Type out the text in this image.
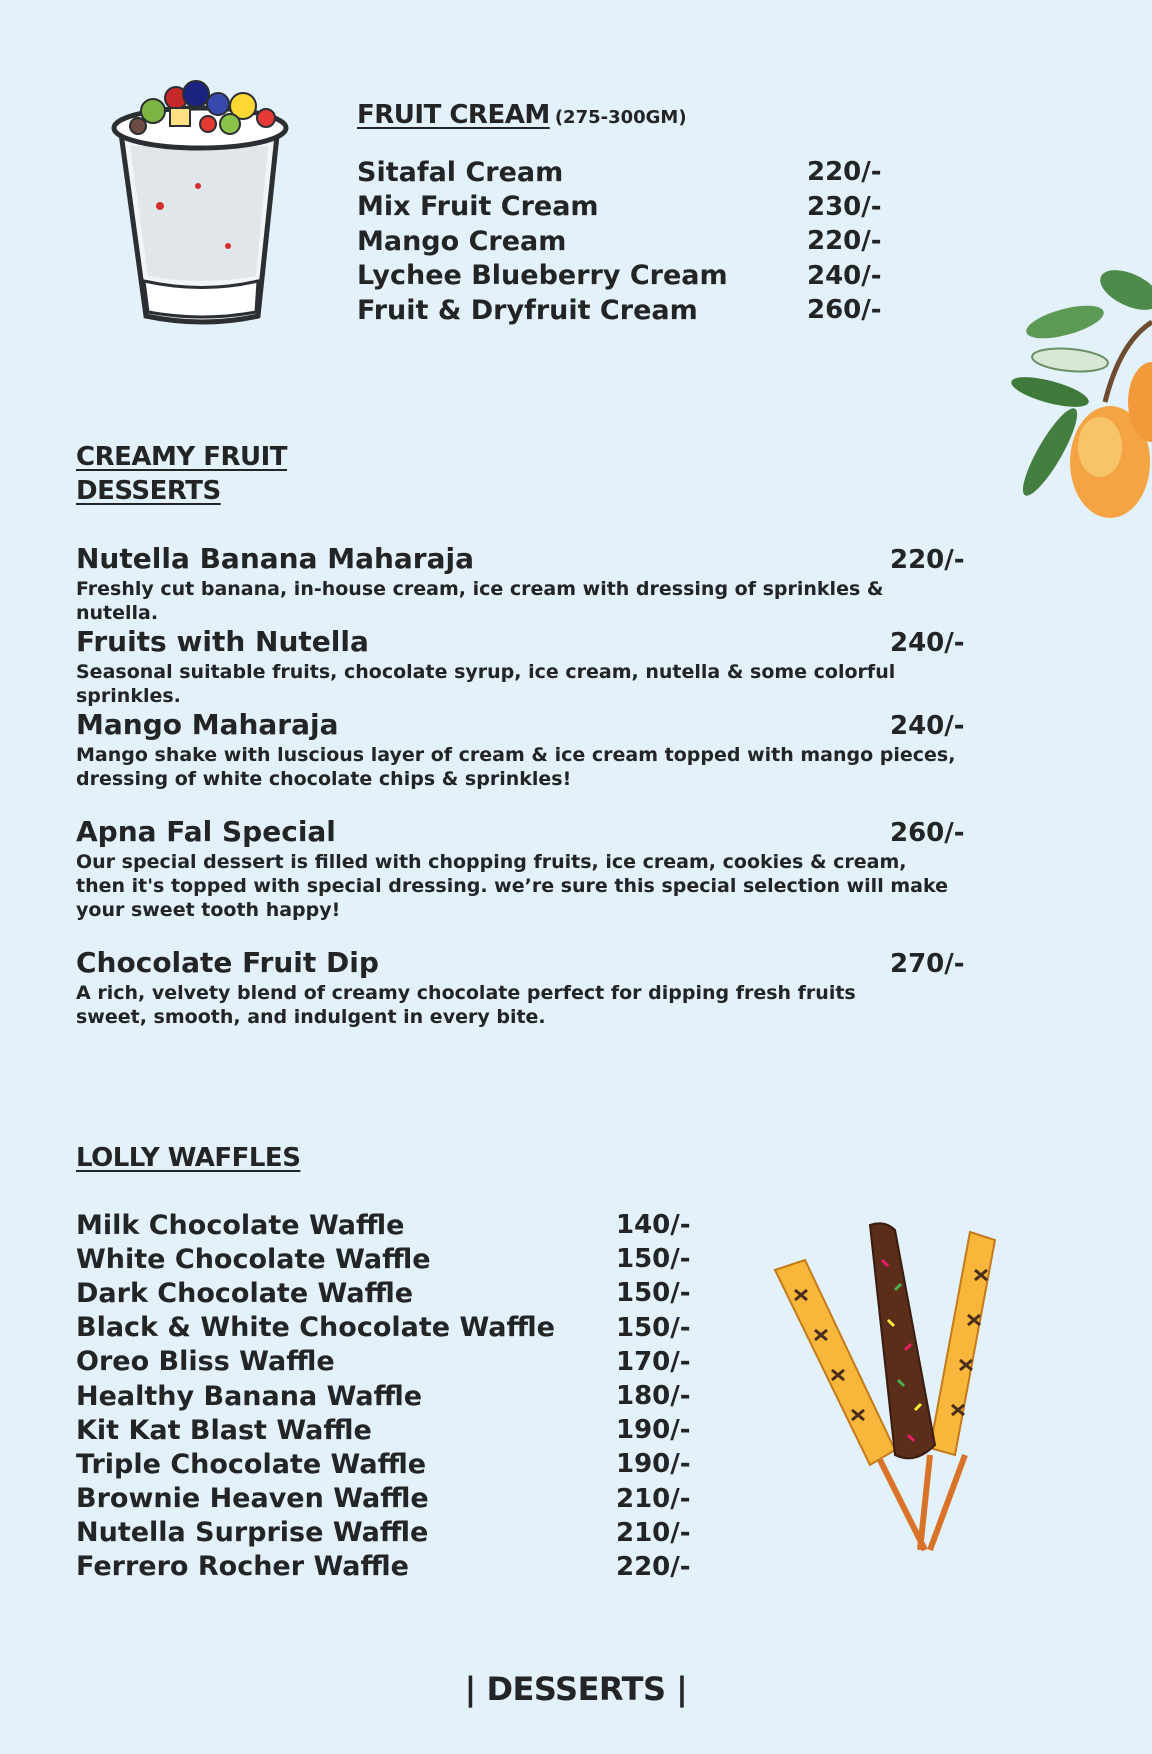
FRUIT CREAM (275-300GM)
Sitafal Cream	220/-
Mix Fruit Cream	230/-
Mango Cream	220/-
Lychee Blueberry Cream	240/-
Fruit & Dryfruit Cream	260/-
CREAMY FRUIT
DESSERTS
Nutella Banana Maharaja	220/-
Freshly cut banana, in-house cream, ice cream with dressing of sprinkles & nutella.
Fruits with Nutella	240/-
Seasonal suitable fruits, chocolate syrup, ice cream, nutella & some colorful sprinkles.
Mango Maharaja	240/-
Mango shake with luscious layer of cream & ice cream topped with mango pieces, dressing of white chocolate chips & sprinkles!
Apna Fal Special	260/-
Our special dessert is filled with chopping fruits, ice cream, cookies & cream, then it's topped with special dressing. we’re sure this special selection will make your sweet tooth happy!
Chocolate Fruit Dip	270/-
A rich, velvety blend of creamy chocolate perfect for dipping fresh fruits sweet, smooth, and indulgent in every bite.
LOLLY WAFFLES
Milk Chocolate Waffle	140/-
White Chocolate Waffle	150/-
Dark Chocolate Waffle	150/-
Black & White Chocolate Waffle 150/-
Oreo Bliss Waffle	170/-
Healthy Banana Waffle	180/-
Kit Kat Blast Waffle	190/-
Triple Chocolate Waffle	190/-
Brownie Heaven Waffle	210/-
Nutella Surprise Waffle	210/-
Ferrero Rocher Waffle	220/-
| DESSERTS |
